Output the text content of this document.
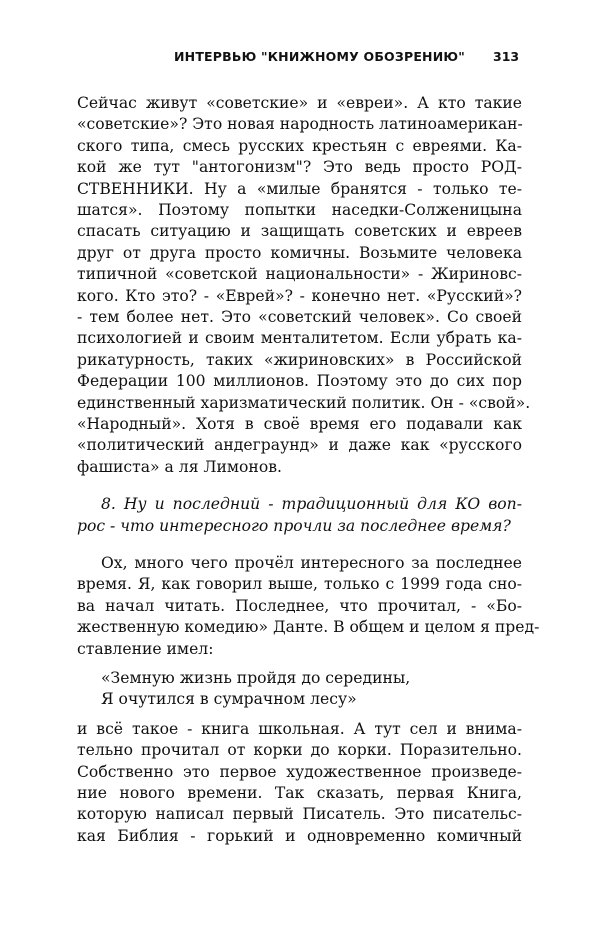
ИНТЕРВЬЮ "КНИЖНОМУ ОБОЗРЕНИЮ" 313
Сейчас живут «советские» и «евреи». А кто такие
«советские»? Это новая народность латиноамерикан-
ского типа, смесь русских крестьян с евреями. Ка-
кой же тут "антогонизм"? Это ведь просто РОД-
СТВЕННИКИ. Ну а «милые бранятся - только те-
шатся». Поэтому попытки наседки-Солженицына
спасать ситуацию и защищать советских и евреев
друг от друга просто комичны. Возьмите человека
типичной «советской национальности» - Жириновс-
кого. Кто это? - «Еврей»? - конечно нет. «Русский»?
- тем более нет. Это «советский человек». Со своей
психологией и своим менталитетом. Если убрать ка-
рикатурность, таких «жириновских» в Российской
Федерации 100 миллионов. Поэтому это до сих пор
единственный харизматический политик. Он - «свой».
«Народный». Хотя в своё время его подавали как
«политический андеграунд» и даже как «русского
фашиста» а ля Лимонов.
8. Ну и последний - традиционный для КО воп-
рос - что интересного прочли за последнее время?
Ох, много чего прочёл интересного за последнее
время. Я, как говорил выше, только с 1999 года сно-
ва начал читать. Последнее, что прочитал, - «Бо-
жественную комедию» Данте. В общем и целом я пред-
ставление имел:
«Земную жизнь пройдя до середины,
Я очутился в сумрачном лесу»
и всё такое - книга школьная. А тут сел и внима-
тельно прочитал от корки до корки. Поразительно.
Собственно это первое художественное произведе-
ние нового времени. Так сказать, первая Книга,
которую написал первый Писатель. Это писательс-
кая Библия - горький и одновременно комичный
